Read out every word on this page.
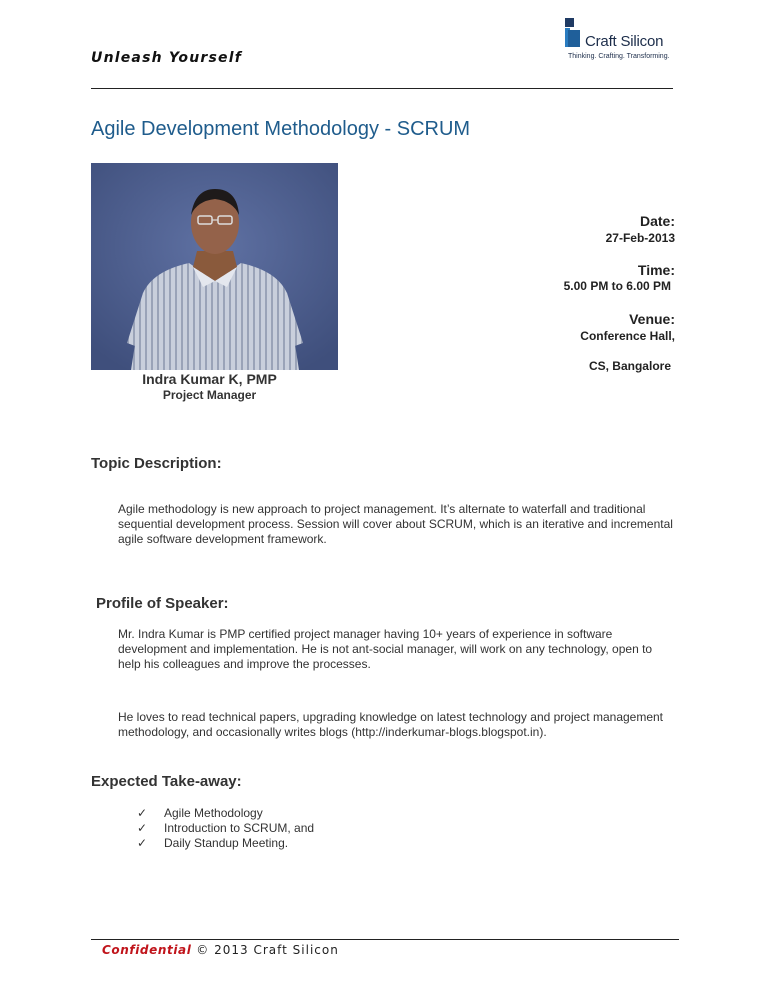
Unleash Yourself
Craft Silicon
Thinking. Crafting. Transforming.
Agile Development Methodology - SCRUM
Indra Kumar K, PMP
Project Manager
Date:
27-Feb-2013
Time:
5.00 PM to 6.00 PM
Venue:
Conference Hall,
CS, Bangalore
Topic Description:
Agile methodology is new approach to project management. It’s alternate to waterfall and traditional sequential development process. Session will cover about SCRUM, which is an iterative and incremental agile software development framework.
Profile of Speaker:
Mr. Indra Kumar is PMP certified project manager having 10+ years of experience in software development and implementation. He is not ant-social manager, will work on any technology, open to help his colleagues and improve the processes.
He loves to read technical papers, upgrading knowledge on latest technology and project management methodology, and occasionally writes blogs (http://inderkumar-blogs.blogspot.in).
Expected Take-away:
✓	Agile Methodology
✓	Introduction to SCRUM, and
✓	Daily Standup Meeting.
Confidential © 2013 Craft Silicon
